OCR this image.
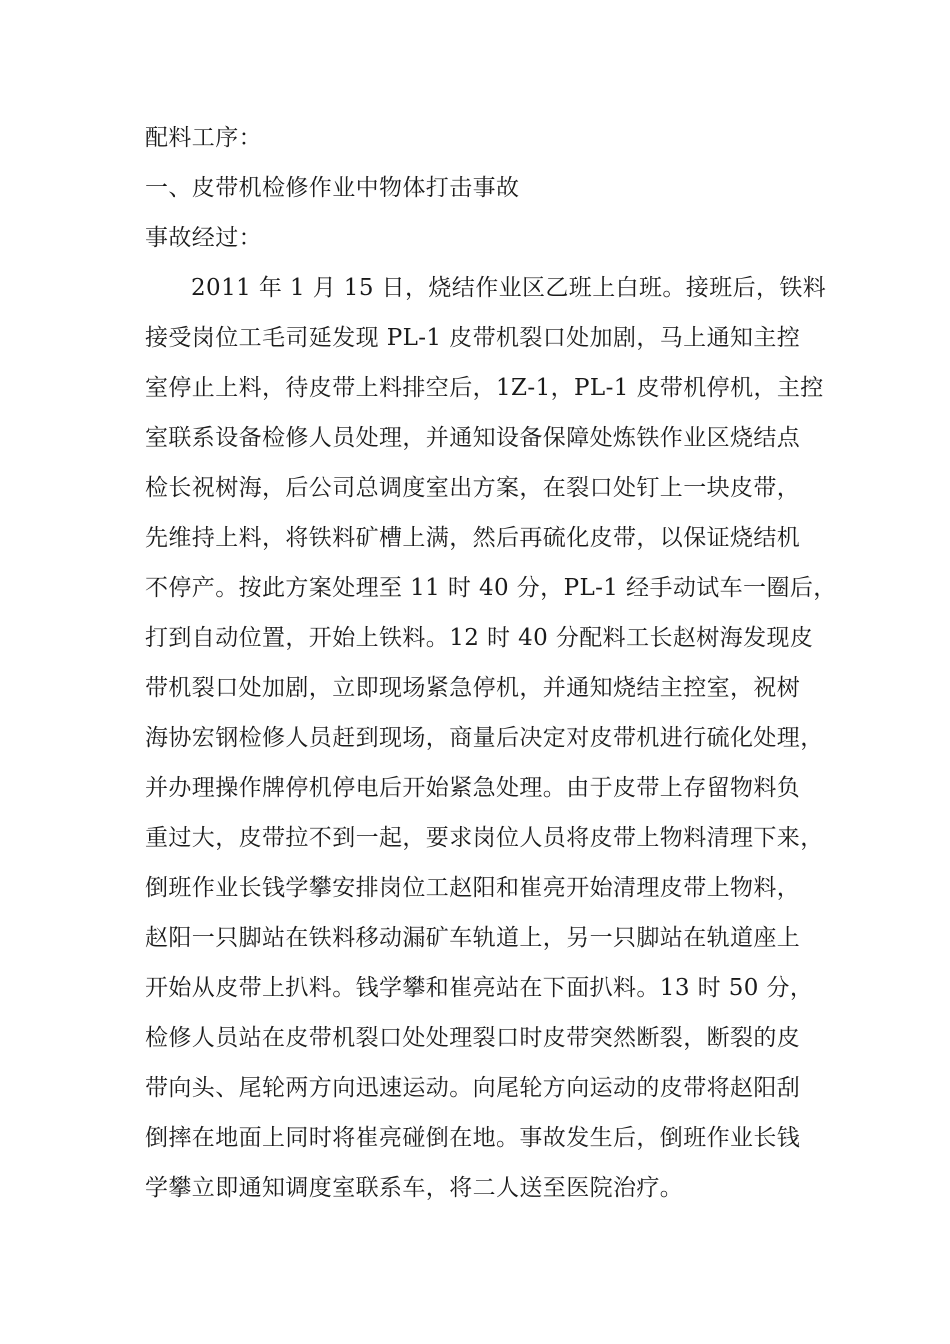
配料工序：
一、皮带机检修作业中物体打击事故
事故经过：
2011 年 1 月 15 日，烧结作业区乙班上白班。接班后，铁料
接受岗位工毛司延发现 PL-1 皮带机裂口处加剧，马上通知主控
室停止上料，待皮带上料排空后，1Z-1，PL-1 皮带机停机，主控
室联系设备检修人员处理，并通知设备保障处炼铁作业区烧结点
检长祝树海，后公司总调度室出方案，在裂口处钉上一块皮带，
先维持上料，将铁料矿槽上满，然后再硫化皮带，以保证烧结机
不停产。按此方案处理至 11 时 40 分，PL-1 经手动试车一圈后，
打到自动位置，开始上铁料。12 时 40 分配料工长赵树海发现皮
带机裂口处加剧，立即现场紧急停机，并通知烧结主控室，祝树
海协宏钢检修人员赶到现场，商量后决定对皮带机进行硫化处理，
并办理操作牌停机停电后开始紧急处理。由于皮带上存留物料负
重过大，皮带拉不到一起，要求岗位人员将皮带上物料清理下来，
倒班作业长钱学攀安排岗位工赵阳和崔亮开始清理皮带上物料，
赵阳一只脚站在铁料移动漏矿车轨道上，另一只脚站在轨道座上
开始从皮带上扒料。钱学攀和崔亮站在下面扒料。13 时 50 分，
检修人员站在皮带机裂口处处理裂口时皮带突然断裂，断裂的皮
带向头、尾轮两方向迅速运动。向尾轮方向运动的皮带将赵阳刮
倒摔在地面上同时将崔亮碰倒在地。事故发生后，倒班作业长钱
学攀立即通知调度室联系车，将二人送至医院治疗。
